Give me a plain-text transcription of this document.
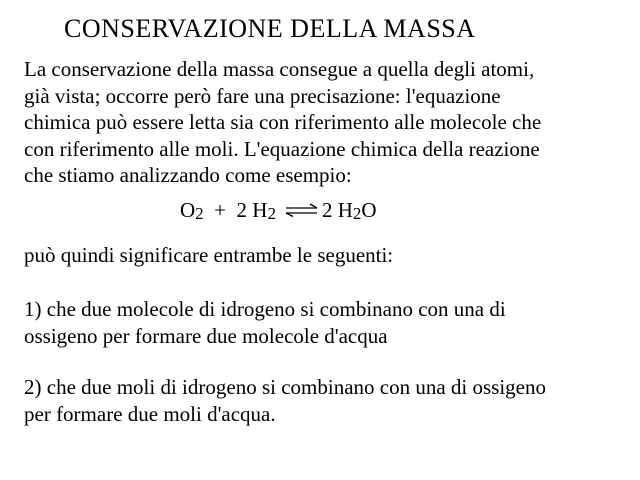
CONSERVAZIONE DELLA MASSA
La conservazione della massa consegue a quella degli atomi,
già vista; occorre però fare una precisazione: l'equazione
chimica può essere letta sia con riferimento alle molecole che
con riferimento alle moli. L'equazione chimica della reazione
che stiamo analizzando come esempio:
O 2 + 2 H 2 ⇌ 2 H 2 O
può quindi significare entrambe le seguenti:
1) che due molecole di idrogeno si combinano con una di
ossigeno per formare due molecole d'acqua
2) che due moli di idrogeno si combinano con una di ossigeno
per formare due moli d'acqua.
